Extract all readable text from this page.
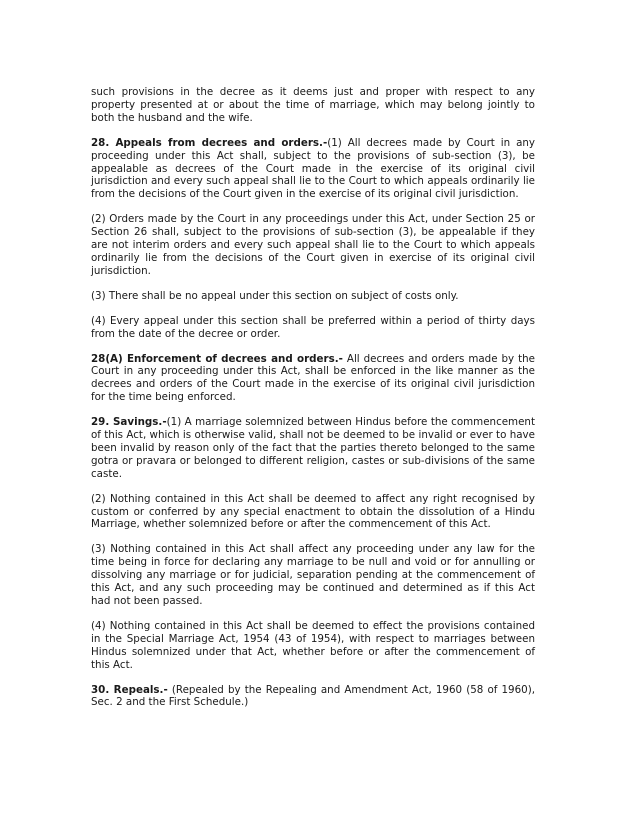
such provisions in the decree as it deems just and proper with respect to any property presented at or about the time of marriage, which may belong jointly to both the husband and the wife.

28. Appeals from decrees and orders.-(1) All decrees made by Court in any proceeding under this Act shall, subject to the provisions of sub-section (3), be appealable as decrees of the Court made in the exercise of its original civil jurisdiction and every such appeal shall lie to the Court to which appeals ordinarily lie from the decisions of the Court given in the exercise of its original civil jurisdiction.

(2) Orders made by the Court in any proceedings under this Act, under Section 25 or Section 26 shall, subject to the provisions of sub-section (3), be appealable if they are not interim orders and every such appeal shall lie to the Court to which appeals ordinarily lie from the decisions of the Court given in exercise of its original civil jurisdiction.

(3) There shall be no appeal under this section on subject of costs only.

(4) Every appeal under this section shall be preferred within a period of thirty days from the date of the decree or order.

28(A) Enforcement of decrees and orders.- All decrees and orders made by the Court in any proceeding under this Act, shall be enforced in the like manner as the decrees and orders of the Court made in the exercise of its original civil jurisdiction for the time being enforced.

29. Savings.-(1) A marriage solemnized between Hindus before the commencement of this Act, which is otherwise valid, shall not be deemed to be invalid or ever to have been invalid by reason only of the fact that the parties thereto belonged to the same gotra or pravara or belonged to different religion, castes or sub-divisions of the same caste.

(2) Nothing contained in this Act shall be deemed to affect any right recognised by custom or conferred by any special enactment to obtain the dissolution of a Hindu Marriage, whether solemnized before or after the commencement of this Act.

(3) Nothing contained in this Act shall affect any proceeding under any law for the time being in force for declaring any marriage to be null and void or for annulling or dissolving any marriage or for judicial, separation pending at the commencement of this Act, and any such proceeding may be continued and determined as if this Act had not been passed.

(4) Nothing contained in this Act shall be deemed to effect the provisions contained in the Special Marriage Act, 1954 (43 of 1954), with respect to marriages between Hindus solemnized under that Act, whether before or after the commencement of this Act.

30. Repeals.- (Repealed by the Repealing and Amendment Act, 1960 (58 of 1960), Sec. 2 and the First Schedule.)
